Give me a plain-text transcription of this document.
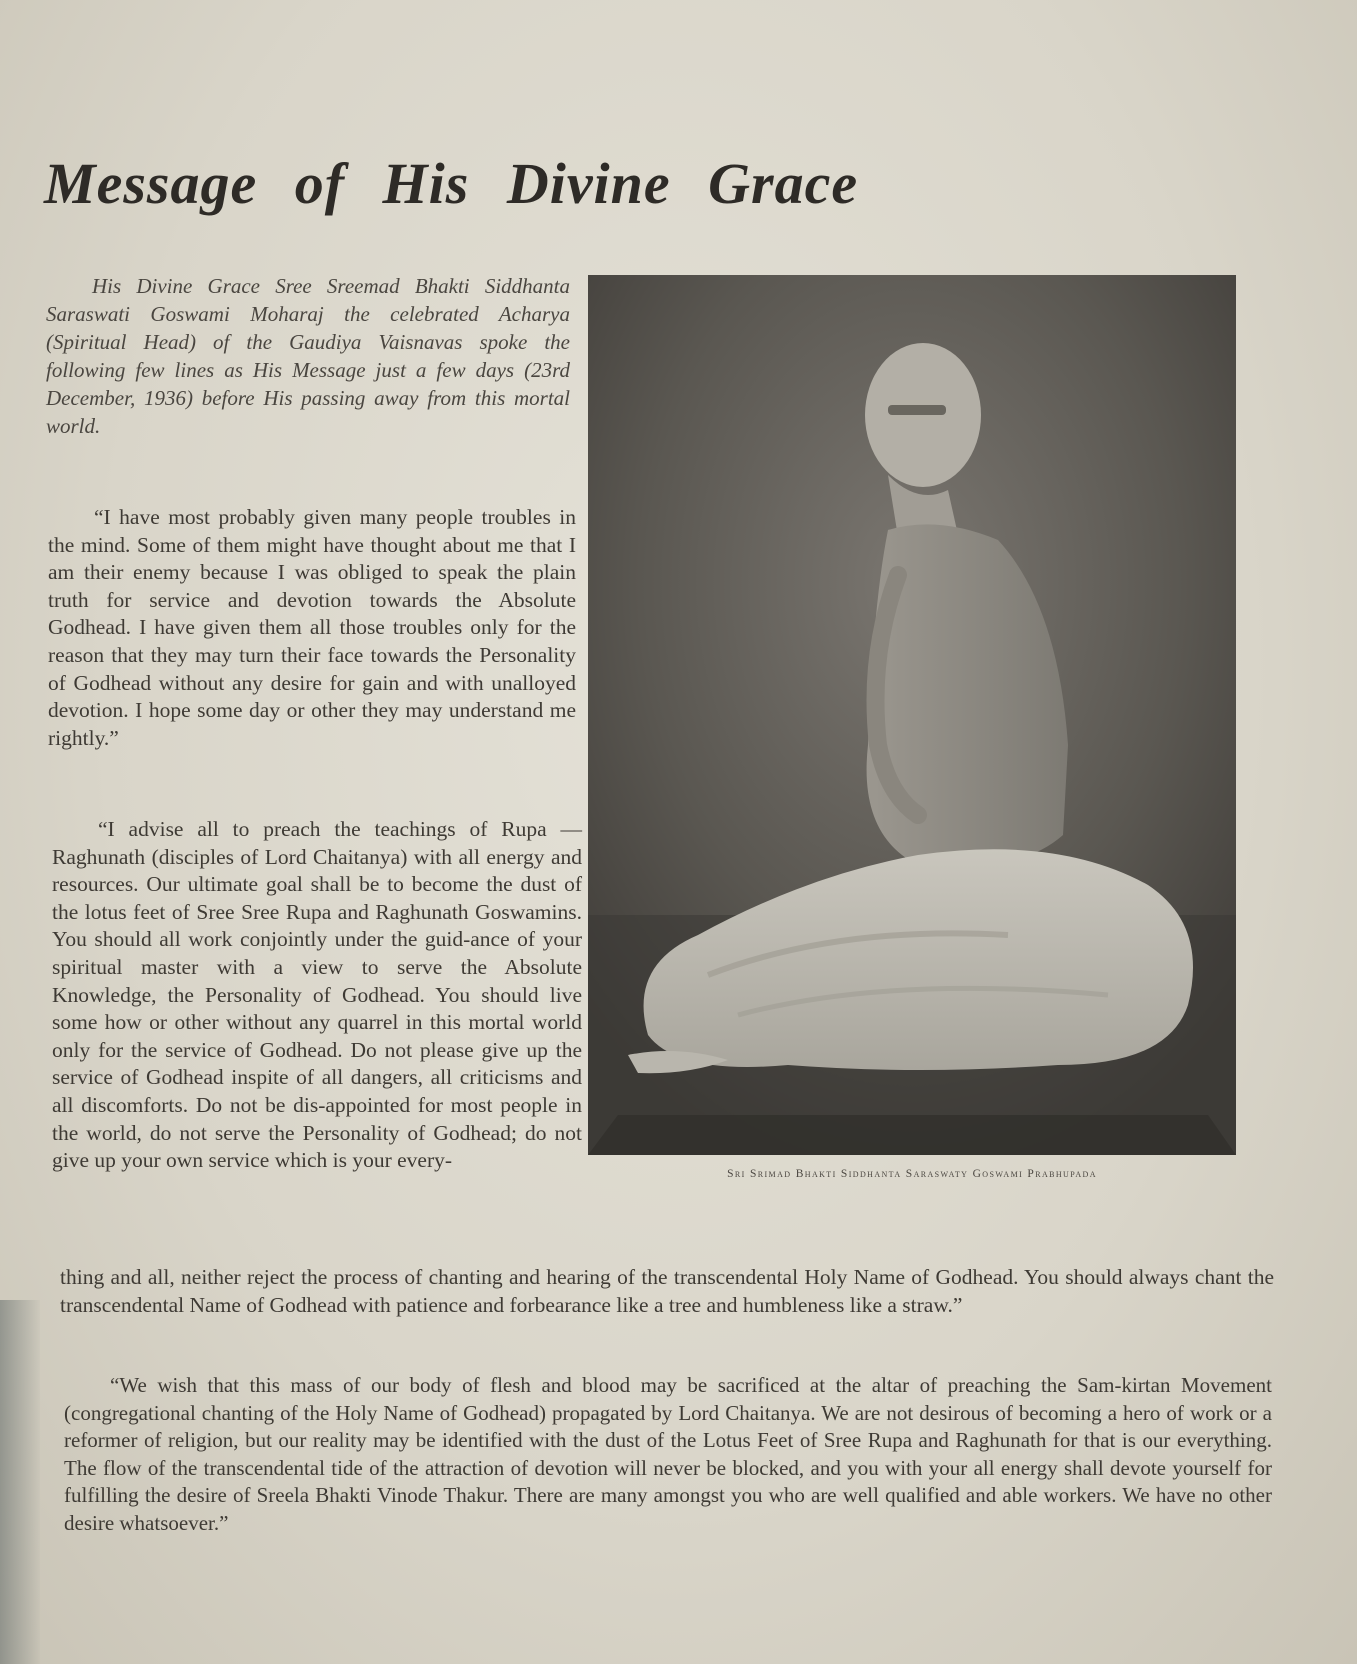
Message of His Divine Grace

His Divine Grace Sree Sreemad Bhakti Siddhanta Saraswati Goswami Moharaj the celebrated Acharya (Spiritual Head) of the Gaudiya Vaisnavas spoke the following few lines as His Message just a few days (23rd December, 1936) before His passing away from this mortal world.

“I have most probably given many people troubles in the mind. Some of them might have thought about me that I am their enemy because I was obliged to speak the plain truth for service and devotion towards the Absolute Godhead. I have given them all those troubles only for the reason that they may turn their face towards the Personality of Godhead without any desire for gain and with unalloyed devotion. I hope some day or other they may understand me rightly.”

“I advise all to preach the teachings of Rupa —Raghunath (disciples of Lord Chaitanya) with all energy and resources. Our ultimate goal shall be to become the dust of the lotus feet of Sree Sree Rupa and Raghunath Goswamins. You should all work conjointly under the guid-ance of your spiritual master with a view to serve the Absolute Knowledge, the Personality of Godhead. You should live some how or other without any quarrel in this mortal world only for the service of Godhead. Do not please give up the service of Godhead inspite of all dangers, all criticisms and all discomforts. Do not be dis-appointed for most people in the world, do not serve the Personality of Godhead; do not give up your own service which is your every-

thing and all, neither reject the process of chanting and hearing of the transcendental Holy Name of Godhead. You should always chant the transcendental Name of Godhead with patience and forbearance like a tree and humbleness like a straw.”

“We wish that this mass of our body of flesh and blood may be sacrificed at the altar of preaching the Sam-kirtan Movement (congregational chanting of the Holy Name of Godhead) propagated by Lord Chaitanya. We are not desirous of becoming a hero of work or a reformer of religion, but our reality may be identified with the dust of the Lotus Feet of Sree Rupa and Raghunath for that is our everything. The flow of the transcendental tide of the attraction of devotion will never be blocked, and you with your all energy shall devote yourself for fulfilling the desire of Sreela Bhakti Vinode Thakur. There are many amongst you who are well qualified and able workers. We have no other desire whatsoever.”

Sri Srimad Bhakti Siddhanta Saraswaty Goswami Prabhupada
